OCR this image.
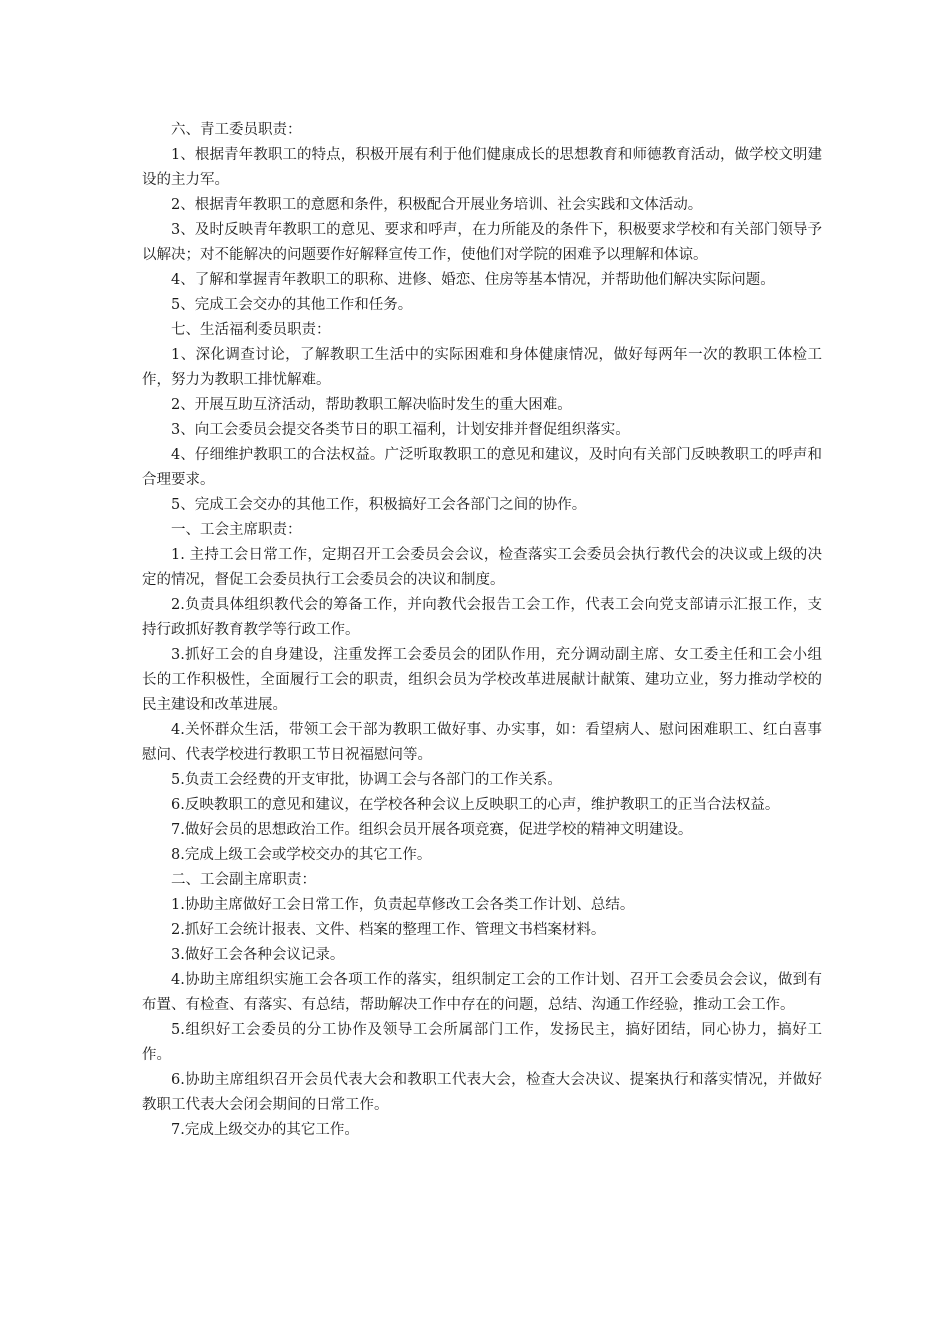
六、青工委员职责：

1、根据青年教职工的特点，积极开展有利于他们健康成长的思想教育和师德教育活动，做学校文明建设的主力军。

2、根据青年教职工的意愿和条件，积极配合开展业务培训、社会实践和文体活动。

3、及时反映青年教职工的意见、要求和呼声，在力所能及的条件下，积极要求学校和有关部门领导予以解决；对不能解决的问题要作好解释宣传工作，使他们对学院的困难予以理解和体谅。

4、了解和掌握青年教职工的职称、进修、婚恋、住房等基本情况，并帮助他们解决实际问题。

5、完成工会交办的其他工作和任务。

七、生活福利委员职责：

1、深化调查讨论，了解教职工生活中的实际困难和身体健康情况，做好每两年一次的教职工体检工作，努力为教职工排忧解难。

2、开展互助互济活动，帮助教职工解决临时发生的重大困难。

3、向工会委员会提交各类节日的职工福利，计划安排并督促组织落实。

4、仔细维护教职工的合法权益。广泛听取教职工的意见和建议，及时向有关部门反映教职工的呼声和合理要求。

5、完成工会交办的其他工作，积极搞好工会各部门之间的协作。

一、工会主席职责：

1. 主持工会日常工作，定期召开工会委员会会议，检查落实工会委员会执行教代会的决议或上级的决定的情况，督促工会委员执行工会委员会的决议和制度。

2.负责具体组织教代会的筹备工作，并向教代会报告工会工作，代表工会向党支部请示汇报工作，支持行政抓好教育教学等行政工作。

3.抓好工会的自身建设，注重发挥工会委员会的团队作用，充分调动副主席、女工委主任和工会小组长的工作积极性，全面履行工会的职责，组织会员为学校改革进展献计献策、建功立业，努力推动学校的民主建设和改革进展。

4.关怀群众生活，带领工会干部为教职工做好事、办实事，如：看望病人、慰问困难职工、红白喜事慰问、代表学校进行教职工节日祝福慰问等。

5.负责工会经费的开支审批，协调工会与各部门的工作关系。

6.反映教职工的意见和建议，在学校各种会议上反映职工的心声，维护教职工的正当合法权益。

7.做好会员的思想政治工作。组织会员开展各项竞赛，促进学校的精神文明建设。

8.完成上级工会或学校交办的其它工作。

二、工会副主席职责：

1.协助主席做好工会日常工作，负责起草修改工会各类工作计划、总结。

2.抓好工会统计报表、文件、档案的整理工作、管理文书档案材料。

3.做好工会各种会议记录。

4.协助主席组织实施工会各项工作的落实，组织制定工会的工作计划、召开工会委员会会议，做到有布置、有检查、有落实、有总结，帮助解决工作中存在的问题，总结、沟通工作经验，推动工会工作。

5.组织好工会委员的分工协作及领导工会所属部门工作，发扬民主，搞好团结，同心协力，搞好工作。

6.协助主席组织召开会员代表大会和教职工代表大会，检查大会决议、提案执行和落实情况，并做好教职工代表大会闭会期间的日常工作。

7.完成上级交办的其它工作。
